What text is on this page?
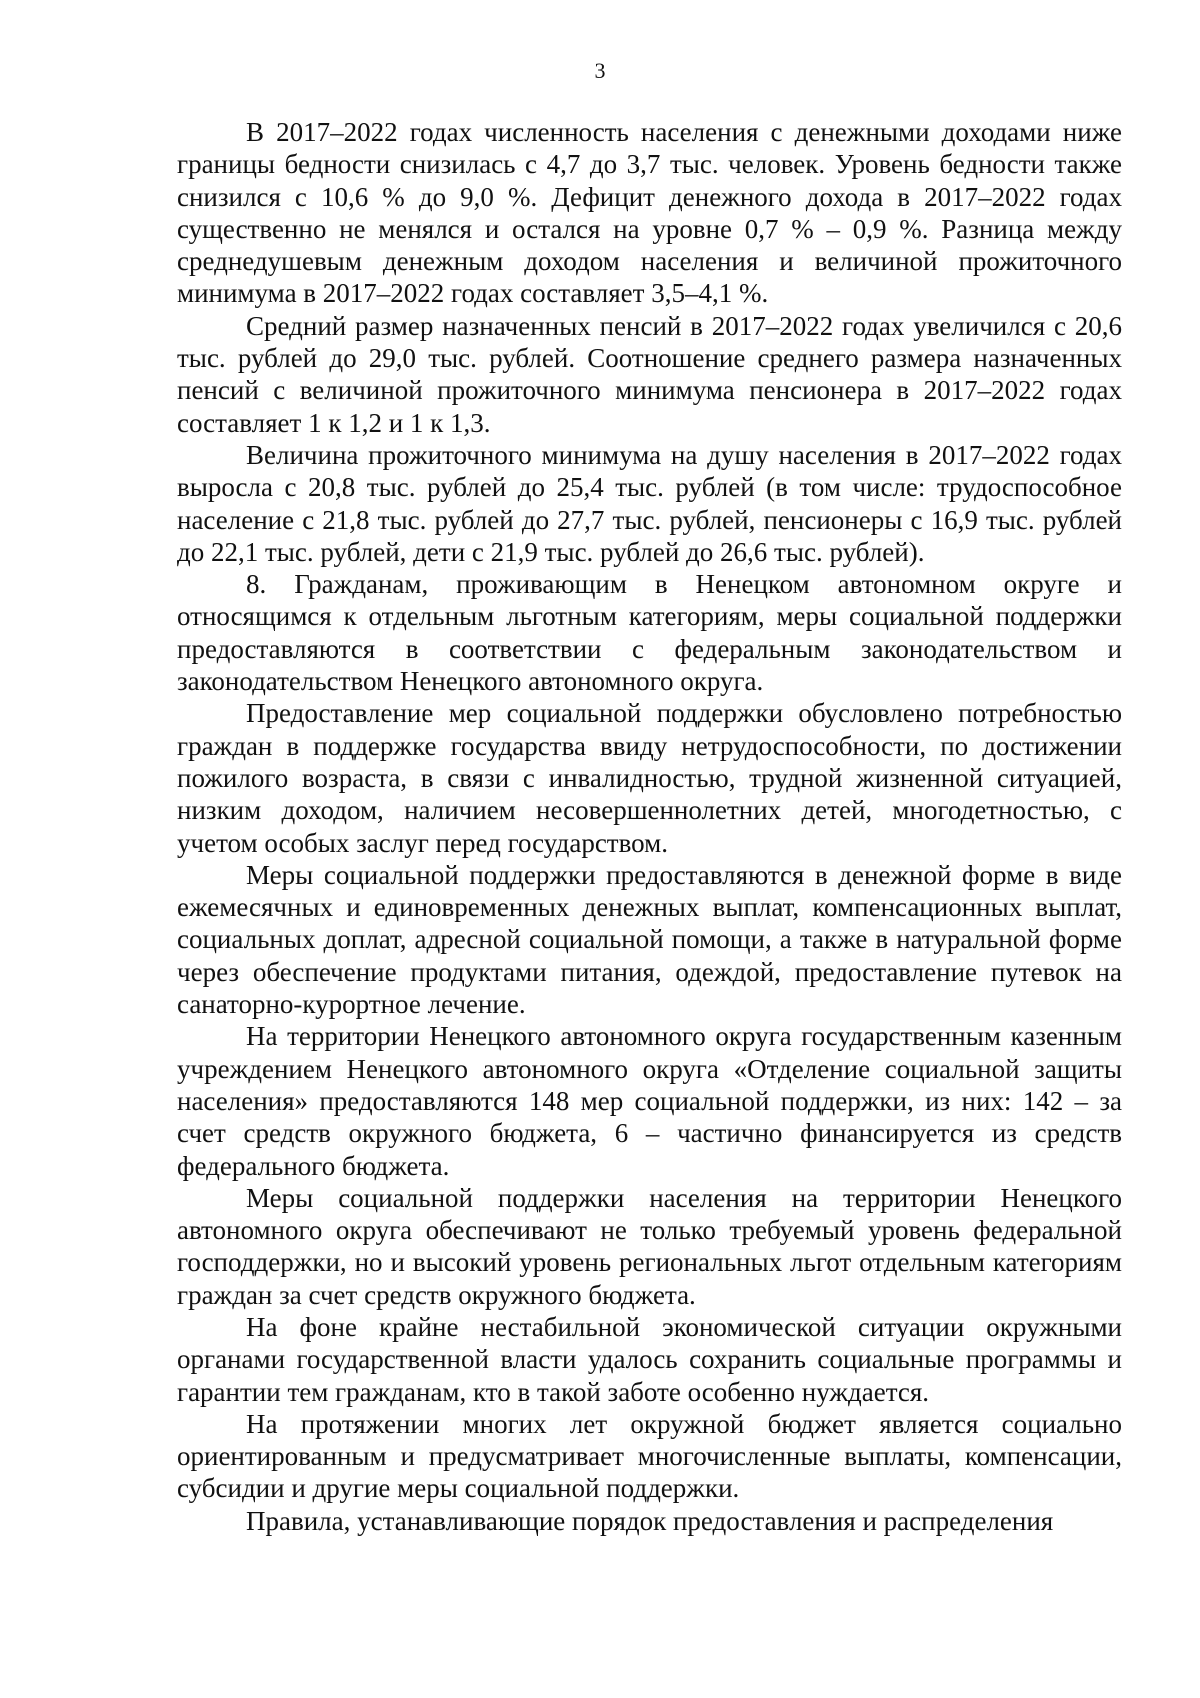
3

В 2017–2022 годах численность населения с денежными доходами ниже границы бедности снизилась с 4,7 до 3,7 тыс. человек. Уровень бедности также снизился с 10,6 % до 9,0 %. Дефицит денежного дохода в 2017–2022 годах существенно не менялся и остался на уровне 0,7 % – 0,9 %. Разница между среднедушевым денежным доходом населения и величиной прожиточного минимума в 2017–2022 годах составляет 3,5–4,1 %.

Средний размер назначенных пенсий в 2017–2022 годах увеличился с 20,6 тыс. рублей до 29,0 тыс. рублей. Соотношение среднего размера назначенных пенсий с величиной прожиточного минимума пенсионера в 2017–2022 годах составляет 1 к 1,2 и 1 к 1,3.

Величина прожиточного минимума на душу населения в 2017–2022 годах выросла с 20,8 тыс. рублей до 25,4 тыс. рублей (в том числе: трудоспособное население с 21,8 тыс. рублей до 27,7 тыс. рублей, пенсионеры с 16,9 тыс. рублей до 22,1 тыс. рублей, дети с 21,9 тыс. рублей до 26,6 тыс. рублей).

8. Гражданам, проживающим в Ненецком автономном округе и относящимся к отдельным льготным категориям, меры социальной поддержки предоставляются в соответствии с федеральным законодательством и законодательством Ненецкого автономного округа.

Предоставление мер социальной поддержки обусловлено потребностью граждан в поддержке государства ввиду нетрудоспособности, по достижении пожилого возраста, в связи с инвалидностью, трудной жизненной ситуацией, низким доходом, наличием несовершеннолетних детей, многодетностью, с учетом особых заслуг перед государством.

Меры социальной поддержки предоставляются в денежной форме в виде ежемесячных и единовременных денежных выплат, компенсационных выплат, социальных доплат, адресной социальной помощи, а также в натуральной форме через обеспечение продуктами питания, одеждой, предоставление путевок на санаторно-курортное лечение.

На территории Ненецкого автономного округа государственным казенным учреждением Ненецкого автономного округа «Отделение социальной защиты населения» предоставляются 148 мер социальной поддержки, из них: 142 – за счет средств окружного бюджета, 6 – частично финансируется из средств федерального бюджета.

Меры социальной поддержки населения на территории Ненецкого автономного округа обеспечивают не только требуемый уровень федеральной господдержки, но и высокий уровень региональных льгот отдельным категориям граждан за счет средств окружного бюджета.

На фоне крайне нестабильной экономической ситуации окружными органами государственной власти удалось сохранить социальные программы и гарантии тем гражданам, кто в такой заботе особенно нуждается.

На протяжении многих лет окружной бюджет является социально ориентированным и предусматривает многочисленные выплаты, компенсации, субсидии и другие меры социальной поддержки.

Правила, устанавливающие порядок предоставления и распределения
